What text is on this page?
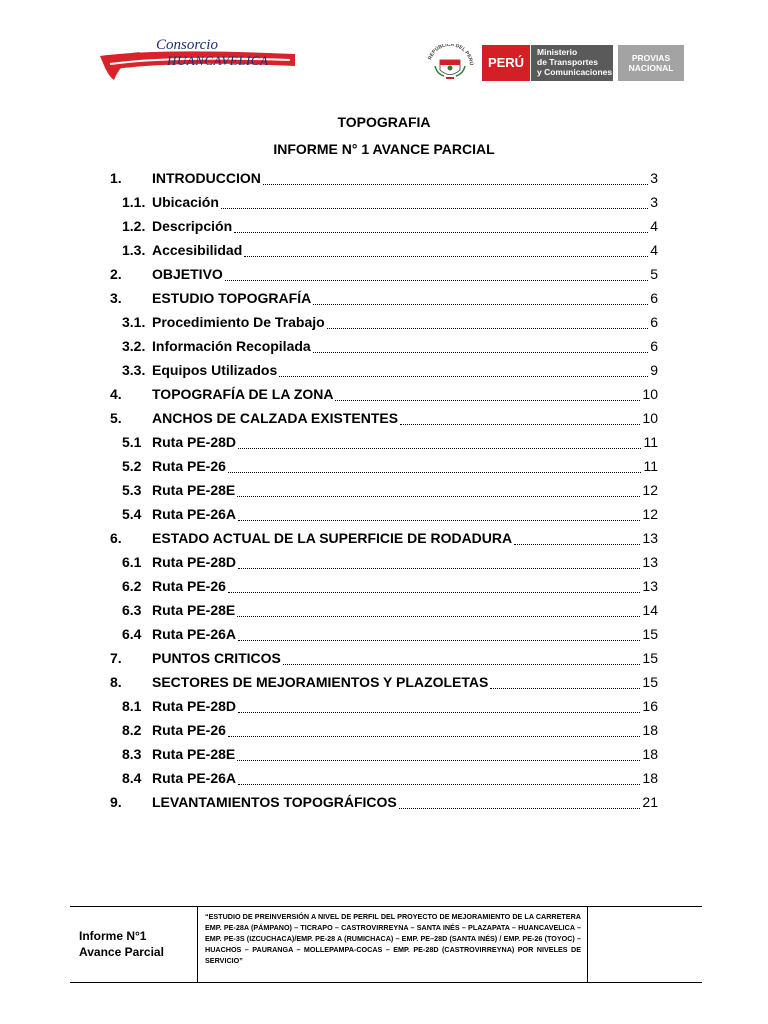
Consorcio
HUANCAVELICA	REPÚBLICA DEL PERÚ	PERÚ
Ministerio
de Transportes
y Comunicaciones
PROVIAS
NACIONAL
TOPOGRAFIA
INFORME N° 1 AVANCE PARCIAL
1.	INTRODUCCION	3
1.1. Ubicación	3
1.2. Descripción	4
1.3. Accesibilidad	4
2.	OBJETIVO	5
3.	ESTUDIO TOPOGRAFÍA	6
3.1. Procedimiento De Trabajo	6
3.2. Información Recopilada	6
3.3. Equipos Utilizados	9
4.	TOPOGRAFÍA DE LA ZONA	10
5.	ANCHOS DE CALZADA EXISTENTES	10
5.1 Ruta PE-28D	11
5.2 Ruta PE-26	11
5.3 Ruta PE-28E	12
5.4 Ruta PE-26A	12
6.	ESTADO ACTUAL DE LA SUPERFICIE DE RODADURA	13
6.1 Ruta PE-28D	13
6.2 Ruta PE-26	13
6.3 Ruta PE-28E	14
6.4 Ruta PE-26A	15
7.	PUNTOS CRITICOS	15
8.	SECTORES DE MEJORAMIENTOS Y PLAZOLETAS	15
8.1 Ruta PE-28D	16
8.2 Ruta PE-26	18
8.3 Ruta PE-28E	18
8.4 Ruta PE-26A	18
9.	LEVANTAMIENTOS TOPOGRÁFICOS	21
Informe N°1
Avance Parcial
“ESTUDIO DE PREINVERSIÓN A NIVEL DE PERFIL DEL PROYECTO DE MEJORAMIENTO DE LA CARRETERA EMP. PE-28A (PÁMPANO) – TICRAPO – CASTROVIRREYNA – SANTA INÉS – PLAZAPATA – HUANCAVELICA – EMP. PE-3S (IZCUCHACA)/EMP. PE-28 A (RUMICHACA) – EMP. PE–28D (SANTA INÉS) / EMP. PE-26 (TOYOC) – HUACHOS – PAURANGA – MOLLEPAMPA-COCAS – EMP. PE-28D (CASTROVIRREYNA) POR NIVELES DE SERVICIO”
